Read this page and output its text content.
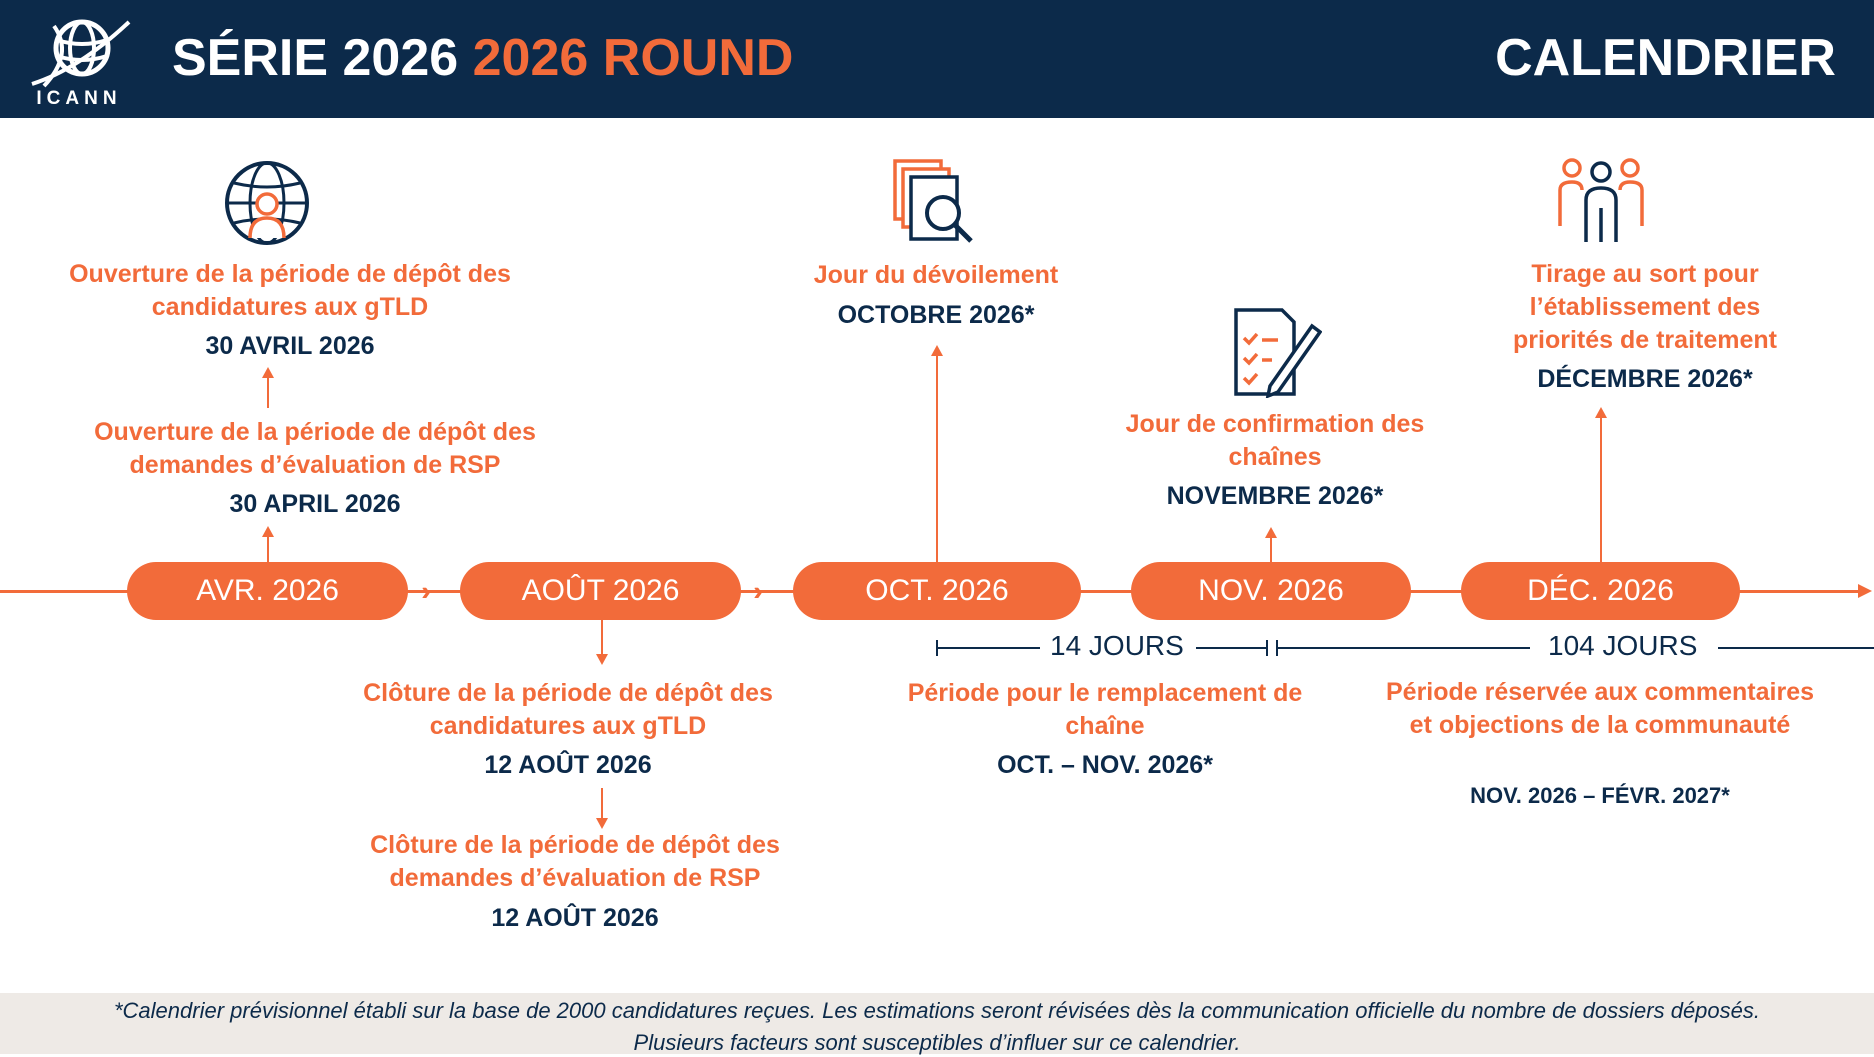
ICANN
SÉRIE 2026 2026 ROUND	CALENDRIER
Ouverture de la période de dépôt des candidatures aux gTLD
30 AVRIL 2026
Ouverture de la période de dépôt des demandes d’évaluation de RSP
30 APRIL 2026
Jour du dévoilement
OCTOBRE 2026*
Jour de confirmation des chaînes
NOVEMBRE 2026*
Tirage au sort pour l’établissement des priorités de traitement
DÉCEMBRE 2026*
AVR. 2026	AOÛT 2026	OCT. 2026	NOV. 2026	DÉC. 2026
14 JOURS	104 JOURS
Clôture de la période de dépôt des candidatures aux gTLD
12 AOÛT 2026
Clôture de la période de dépôt des demandes d’évaluation de RSP
12 AOÛT 2026
Période pour le remplacement de chaîne
OCT. – NOV. 2026*
Période réservée aux commentaires et objections de la communauté
NOV. 2026 – FÉVR. 2027*

*Calendrier prévisionnel établi sur la base de 2000 candidatures reçues. Les estimations seront révisées dès la communication officielle du nombre de dossiers déposés.

Plusieurs facteurs sont susceptibles d’influer sur ce calendrier.
